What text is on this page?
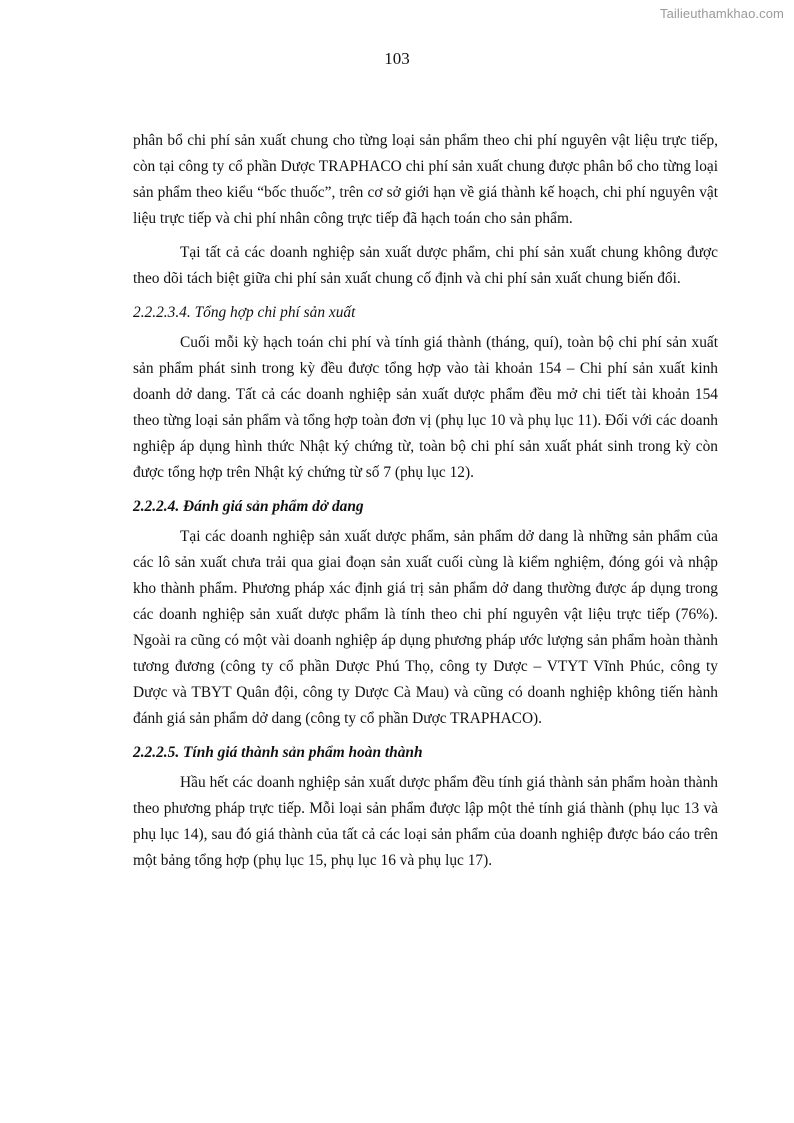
Tailieuthamkhao.com
103

phân bổ chi phí sản xuất chung cho từng loại sản phẩm theo chi phí nguyên vật liệu trực tiếp, còn tại công ty cổ phần Dược TRAPHACO chi phí sản xuất chung được phân bổ cho từng loại sản phẩm theo kiểu “bốc thuốc”, trên cơ sở giới hạn về giá thành kế hoạch, chi phí nguyên vật liệu trực tiếp và chi phí nhân công trực tiếp đã hạch toán cho sản phẩm.

Tại tất cả các doanh nghiệp sản xuất dược phẩm, chi phí sản xuất chung không được theo dõi tách biệt giữa chi phí sản xuất chung cố định và chi phí sản xuất chung biến đổi.

2.2.2.3.4. Tổng hợp chi phí sản xuất

Cuối mỗi kỳ hạch toán chi phí và tính giá thành (tháng, quí), toàn bộ chi phí sản xuất sản phẩm phát sinh trong kỳ đều được tổng hợp vào tài khoản 154 – Chi phí sản xuất kinh doanh dở dang. Tất cả các doanh nghiệp sản xuất dược phẩm đều mở chi tiết tài khoản 154 theo từng loại sản phẩm và tổng hợp toàn đơn vị (phụ lục 10 và phụ lục 11). Đối với các doanh nghiệp áp dụng hình thức Nhật ký chứng từ, toàn bộ chi phí sản xuất phát sinh trong kỳ còn được tổng hợp trên Nhật ký chứng từ số 7 (phụ lục 12).

2.2.2.4. Đánh giá sản phẩm dở dang

Tại các doanh nghiệp sản xuất dược phẩm, sản phẩm dở dang là những sản phẩm của các lô sản xuất chưa trải qua giai đoạn sản xuất cuối cùng là kiểm nghiệm, đóng gói và nhập kho thành phẩm. Phương pháp xác định giá trị sản phẩm dở dang thường được áp dụng trong các doanh nghiệp sản xuất dược phẩm là tính theo chi phí nguyên vật liệu trực tiếp (76%). Ngoài ra cũng có một vài doanh nghiệp áp dụng phương pháp ước lượng sản phẩm hoàn thành tương đương (công ty cổ phần Dược Phú Thọ, công ty Dược – VTYT Vĩnh Phúc, công ty Dược và TBYT Quân đội, công ty Dược Cà Mau) và cũng có doanh nghiệp không tiến hành đánh giá sản phẩm dở dang (công ty cổ phần Dược TRAPHACO).

2.2.2.5. Tính giá thành sản phẩm hoàn thành

Hầu hết các doanh nghiệp sản xuất dược phẩm đều tính giá thành sản phẩm hoàn thành theo phương pháp trực tiếp. Mỗi loại sản phẩm được lập một thẻ tính giá thành (phụ lục 13 và phụ lục 14), sau đó giá thành của tất cả các loại sản phẩm của doanh nghiệp được báo cáo trên một bảng tổng hợp (phụ lục 15, phụ lục 16 và phụ lục 17).
